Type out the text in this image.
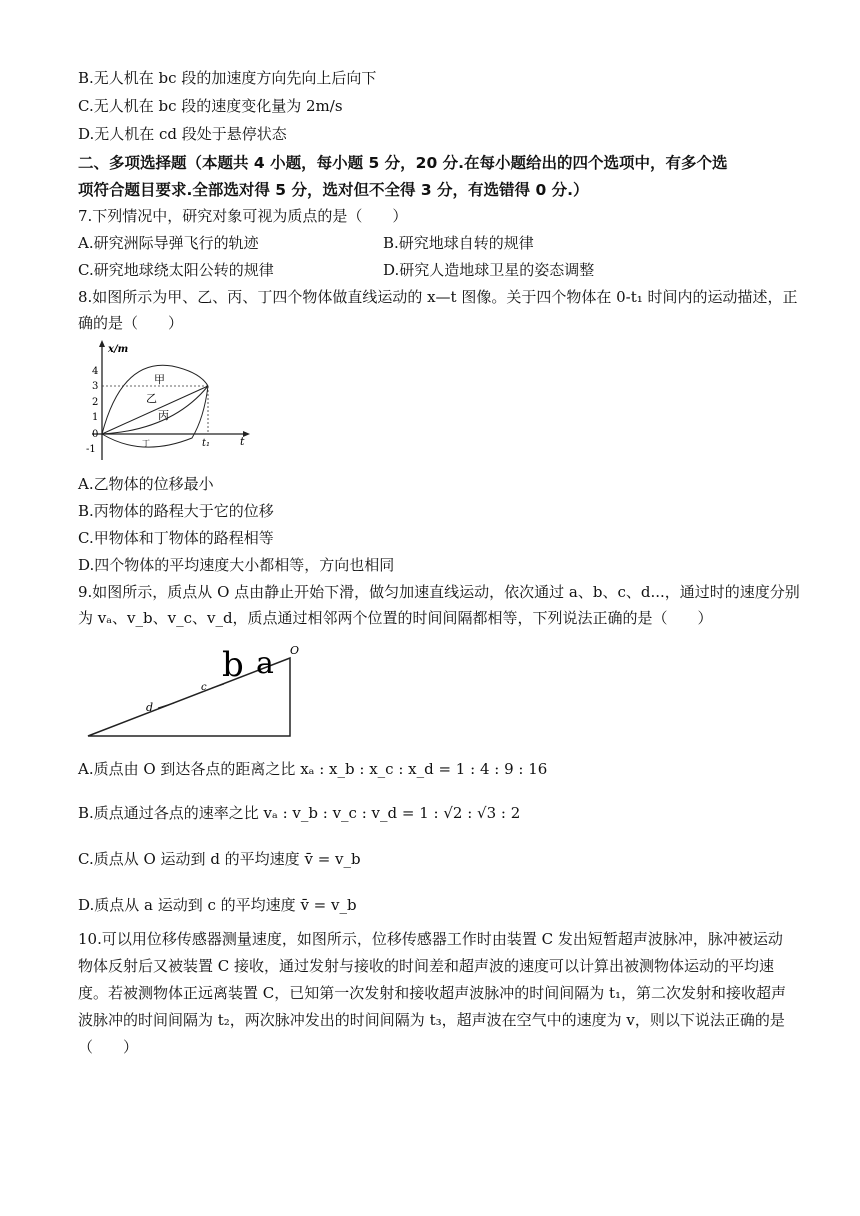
B.无人机在 bc 段的加速度方向先向上后向下
C.无人机在 bc 段的速度变化量为 2m/s
D.无人机在 cd 段处于悬停状态
二、多项选择题（本题共 4 小题，每小题 5 分，20 分.在每小题给出的四个选项中，有多个选
项符合题目要求.全部选对得 5 分，选对但不全得 3 分，有选错得 0 分.）
7.下列情况中，研究对象可视为质点的是（　　）
A.研究洲际导弹飞行的轨迹	B.研究地球自转的规律
C.研究地球绕太阳公转的规律	D.研究人造地球卫星的姿态调整
8.如图所示为甲、乙、丙、丁四个物体做直线运动的 x—t 图像。关于四个物体在 0-t₁ 时间内的运动描述，正
确的是（　　）
x/m
t
4
3
2
1
0
-1
甲
乙
丙
丁	t₁
A.乙物体的位移最小
B.丙物体的路程大于它的位移
C.甲物体和丁物体的路程相等
D.四个物体的平均速度大小都相等，方向也相同
9.如图所示，质点从 O 点由静止开始下滑，做匀加速直线运动，依次通过 a、b、c、d...，通过时的速度分别
为 vₐ、v_b、v_c、v_d，质点通过相邻两个位置的时间间隔都相等，下列说法正确的是（　　）
b a O
c
d
A.质点由 O 到达各点的距离之比 xₐ : x_b : x_c : x_d = 1 : 4 : 9 : 16
B.质点通过各点的速率之比 vₐ : v_b : v_c : v_d = 1 : √2 : √3 : 2
C.质点从 O 运动到 d 的平均速度 v̄ = v_b
D.质点从 a 运动到 c 的平均速度 v̄ = v_b
10.可以用位移传感器测量速度，如图所示，位移传感器工作时由装置 C 发出短暂超声波脉冲，脉冲被运动
物体反射后又被装置 C 接收，通过发射与接收的时间差和超声波的速度可以计算出被测物体运动的平均速
度。若被测物体正远离装置 C，已知第一次发射和接收超声波脉冲的时间间隔为 t₁，第二次发射和接收超声
波脉冲的时间间隔为 t₂，两次脉冲发出的时间间隔为 t₃，超声波在空气中的速度为 v，则以下说法正确的是
（　　）
